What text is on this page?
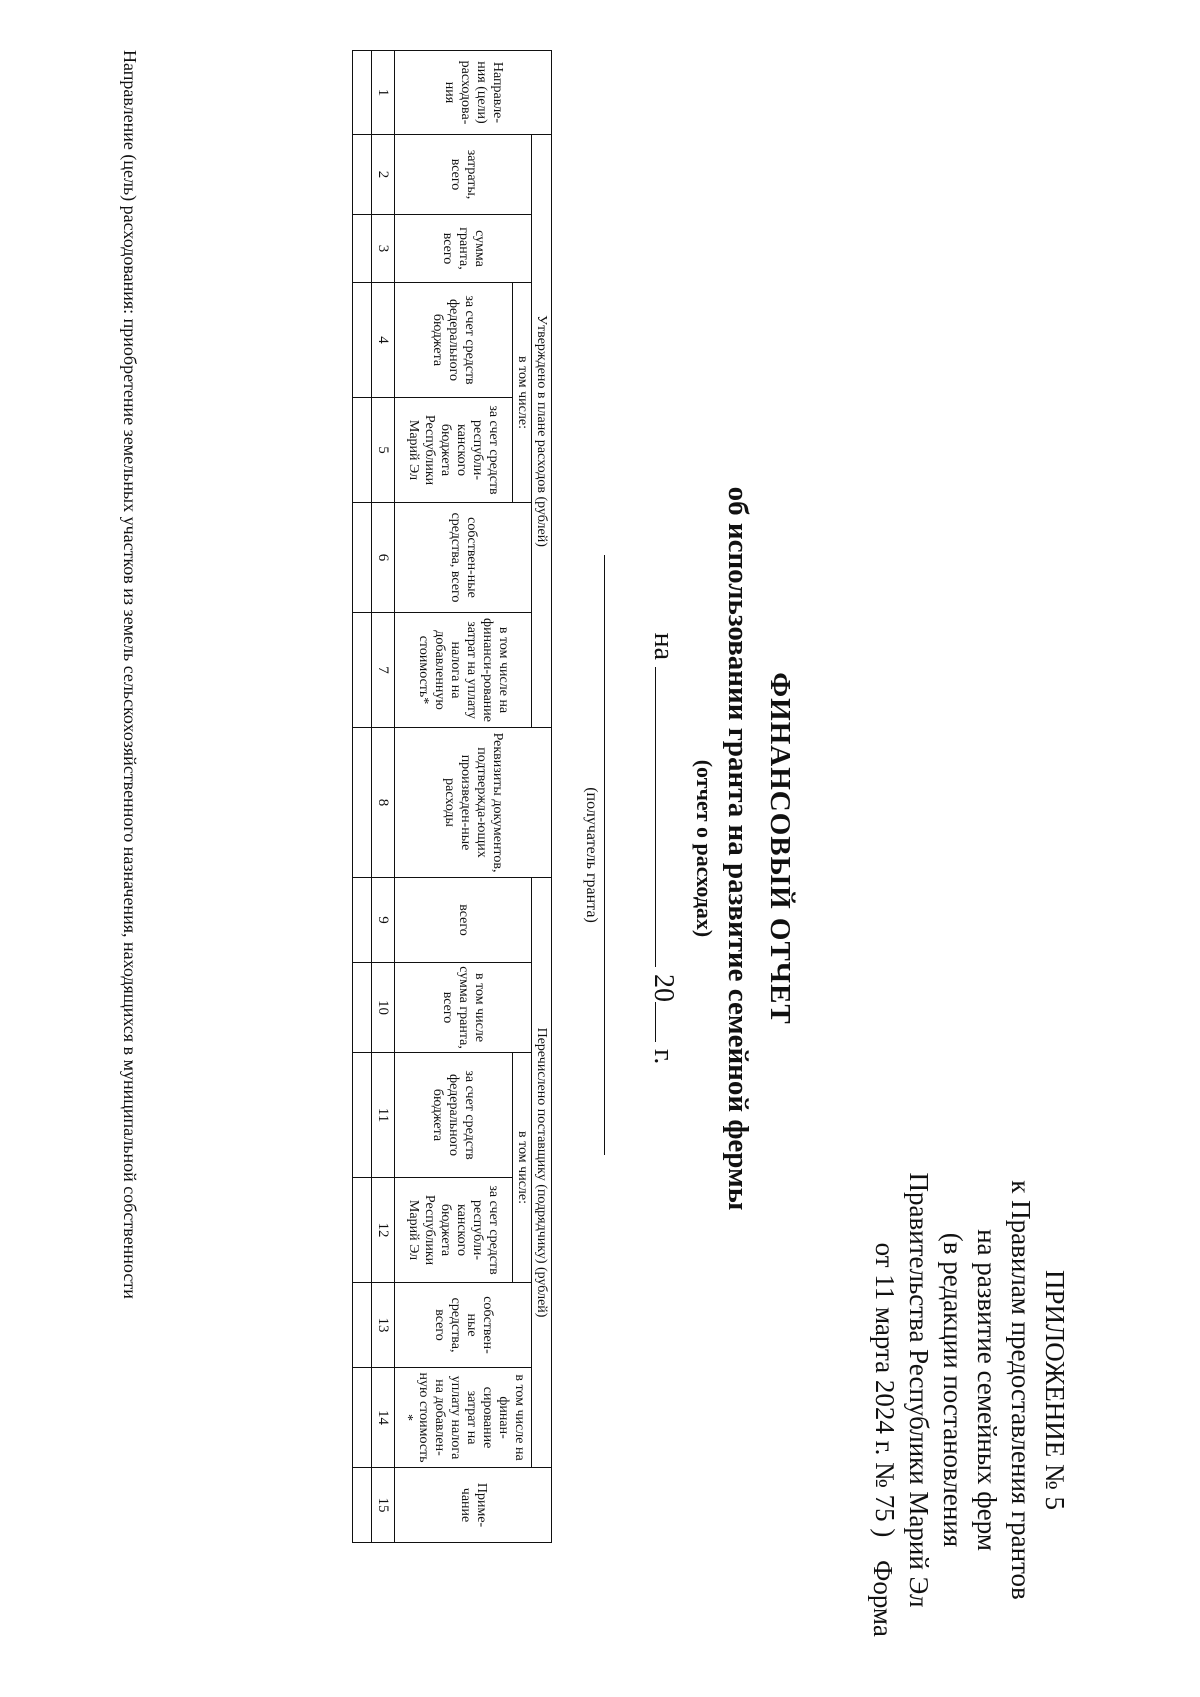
ПРИЛОЖЕНИЕ № 5
к Правилам предоставления грантов
на развитие семейных ферм
(в редакции постановления
Правительства Республики Марий Эл
от 11 марта 2024 г. № 75 )
Форма
ФИНАНСОВЫЙ ОТЧЕТ
об использовании гранта на развитие семейной фермы
(отчет о расходах)
на  20 г.
(получатель гранта)
Направле-ния (цели) расходова-ния	Утверждено в плане расходов (рублей)						Реквизиты документов, подтвержда-ющих произведен-ные расходы	Перечислено поставщику (подрядчику) (рублей)						Приме-чание

	затраты, всего	сумма гранта, всего	в том числе:		собствен-ные средства, всего	в том числе на финанси-рование затрат на уплату налога на добавленную стоимость*		всего	в том числе сумма гранта, всего	в том числе:		собствен-ные средства, всего	в том числе на финан-сирование затрат на уплату налога на добавлен-ную стоимость *	

			за счет средств федерального бюджета	за счет средств республи-канского бюджета Республики Марий Эл						за счет средств федерального бюджета	за счет средств республи-канского бюджета Республики Марий Эл			

1	2	3	4	5	6	7	8	9	10	11	12	13	14	15

Направление (цель) расходования: приобретение земельных участков из земель сельскохозяйственного назначения, находящихся в муниципальной собственности
